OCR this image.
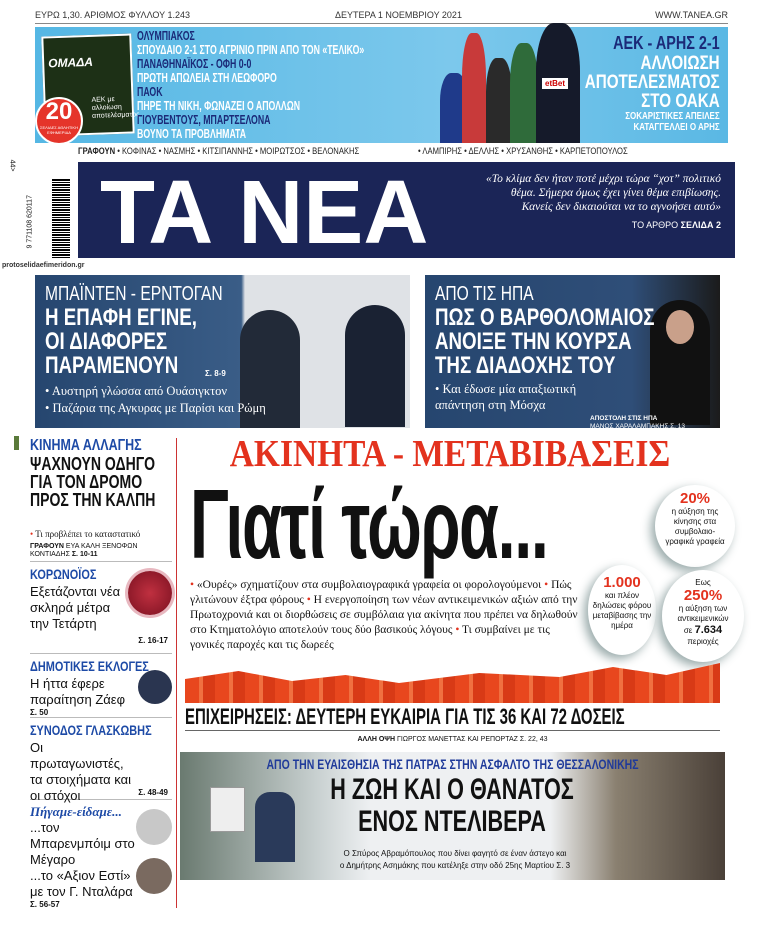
ΕΥΡΩ 1,30. ΑΡΙΘΜΟΣ ΦΥΛΛΟΥ 1.243	ΔΕΥΤΕΡΑ 1 ΝΟΕΜΒΡΙΟΥ 2021	WWW.TANEA.GR
ΟΜΑΔΑ
ΑΕΚ με αλλοίωση αποτελέσματος
20
ΣΕΛΙΔΕΣ ΑΘΛΗΤΙΚΗ ΕΦΗΜΕΡΙΔΑ
ΟΛΥΜΠΙΑΚΟΣ
ΣΠΟΥΔΑΙΟ 2-1 ΣΤΟ ΑΓΡΙΝΙΟ ΠΡΙΝ ΑΠΟ ΤΟΝ «ΤΕΛΙΚΟ»
ΠΑΝΑΘΗΝΑΪΚΟΣ - ΟΦΗ 0-0
ΠΡΩΤΗ ΑΠΩΛΕΙΑ ΣΤΗ ΛΕΩΦΟΡΟ
ΠΑΟΚ
ΠΗΡΕ ΤΗ ΝΙΚΗ, ΦΩΝΑΖΕΙ Ο ΑΠΟΛΛΩΝ
ΓΙΟΥΒΕΝΤΟΥΣ, ΜΠΑΡΤΣΕΛΟΝΑ
ΒΟΥΝΟ ΤΑ ΠΡΟΒΛΗΜΑΤΑ
etBet
ΑΕΚ - ΑΡΗΣ 2-1
ΑΛΛΟΙΩΣΗ
ΑΠΟΤΕΛΕΣΜΑΤΟΣ
ΣΤΟ ΟΑΚΑ
ΣΟΚΑΡΙΣΤΙΚΕΣ ΑΠΕΙΛΕΣ
ΚΑΤΑΓΓΕΛΛΕΙ Ο ΑΡΗΣ
ΓΡΑΦΟΥΝ • ΚΟΦΙΝΑΣ • ΝΑΣΜΗΣ • ΚΙΤΣΙΠΑΝΝΗΣ • ΜΟΙΡΩΤΣΟΣ • ΒΕΛΟΝΑΚΗΣ	• ΛΑΜΠΙΡΗΣ • ΔΕΛΛΗΣ • ΧΡΥΣΑΝΘΗΣ • ΚΑΡΠΕΤΟΠΟΥΛΟΣ
protoselidaefimeridon.gr
44>
9 771108 620117 ΤΑ ΝΕΑ	«Το κλίμα δεν ήταν ποτέ μέχρι τώρα “χοτ” πολιτικό θέμα. Σήμερα όμως έχει γίνει θέμα επιβίωσης. Κανείς δεν δικαιούται να το αγνοήσει αυτό»
ΤΟ ΑΡΘΡΟ ΣΕΛΙΔΑ 2
ΜΠΑΪΝΤΕΝ - ΕΡΝΤΟΓΑΝ
Η ΕΠΑΦΗ ΕΓΙΝΕ,
ΟΙ ΔΙΑΦΟΡΕΣ
ΠΑΡΑΜΕΝΟΥΝ	Σ. 8-9
• Αυστηρή γλώσσα από Ουάσιγκτον
• Παζάρια της Αγκυρας με Παρίσι και Ρώμη
ΑΠΟ ΤΙΣ ΗΠΑ
ΠΩΣ Ο ΒΑΡΘΟΛΟΜΑΙΟΣ
ΑΝΟΙΞΕ ΤΗΝ ΚΟΥΡΣΑ
ΤΗΣ ΔΙΑΔΟΧΗΣ ΤΟΥ
• Και έδωσε μία απαξιωτική απάντηση στη Μόσχα
ΑΠΟΣΤΟΛΗ ΣΤΙΣ ΗΠΑ
ΜΑΝΟΣ ΧΑΡΑΛΑΜΠΑΚΗΣ Σ. 13
ΚΙΝΗΜΑ ΑΛΛΑΓΗΣ
ΨΑΧΝΟΥΝ ΟΔΗΓΟ ΓΙΑ ΤΟΝ ΔΡΟΜΟ ΠΡΟΣ ΤΗΝ ΚΑΛΠΗ
• Τι προβλέπει το καταστατικό
ΓΡΑΦΟΥΝ ΕΥΑ ΚΑΛΗ ΞΕΝΟΦΩΝ ΚΟΝΤΙΑΔΗΣ Σ. 10-11
ΚΟΡΩΝΟΪΟΣ
Εξετάζονται νέα σκληρά μέτρα την Τετάρτη
Σ. 16-17
ΔΗΜΟΤΙΚΕΣ ΕΚΛΟΓΕΣ
Η ήττα έφερε παραίτηση Ζάεφ
Σ. 50
ΣΥΝΟΔΟΣ ΓΛΑΣΚΩΒΗΣ
Οι πρωταγωνιστές, τα στοιχήματα και οι στόχοι	Σ. 48-49
Πήγαμε-είδαμε...
...τον Μπαρενμπόιμ στο Μέγαρο
...το «Αξιον Εστί» με τον Γ. Νταλάρα
Σ. 56-57
ΑΚΙΝΗΤΑ - ΜΕΤΑΒΙΒΑΣΕΙΣ
Γιατί τώρα...
• «Ουρές» σχηματίζουν στα συμβολαιογραφικά γραφεία οι φορολογούμενοι • Πώς γλιτώνουν έξτρα φόρους • Η ενεργοποίηση των νέων αντικειμενικών αξιών από την Πρωτοχρονιά και οι διορθώσεις σε συμβόλαια για ακίνητα που πρέπει να δηλωθούν στο Κτηματολόγιο αποτελούν τους δύο βασικούς λόγους • Τι συμβαίνει με τις γονικές παροχές και τις δωρεές
20%
η αύξηση της κίνησης στα συμβολαιο-γραφικά γραφεία
1.000
και πλέον δηλώσεις φόρου μεταβίβασης την ημέρα
Εως
250%
η αύξηση των αντικειμενικών
σε 7.634
περιοχές
ΕΠΙΧΕΙΡΗΣΕΙΣ: ΔΕΥΤΕΡΗ ΕΥΚΑΙΡΙΑ ΓΙΑ ΤΙΣ 36 ΚΑΙ 72 ΔΟΣΕΙΣ
ΑΛΛΗ ΟΨΗ ΓΙΩΡΓΟΣ ΜΑΝΕΤΤΑΣ ΚΑΙ ΡΕΠΟΡΤΑΖ Σ. 22, 43
ΑΠΟ ΤΗΝ ΕΥΑΙΣΘΗΣΙΑ ΤΗΣ ΠΑΤΡΑΣ ΣΤΗΝ ΑΣΦΑΛΤΟ ΤΗΣ ΘΕΣΣΑΛΟΝΙΚΗΣ
Η ΖΩΗ ΚΑΙ Ο ΘΑΝΑΤΟΣ
ΕΝΟΣ ΝΤΕΛΙΒΕΡΑ
Ο Σπύρος Αβραμόπουλος που δίνει φαγητό σε έναν άστεγο και
ο Δημήτρης Ασημάκης που κατέληξε στην οδό 25ης Μαρτίου Σ. 3
